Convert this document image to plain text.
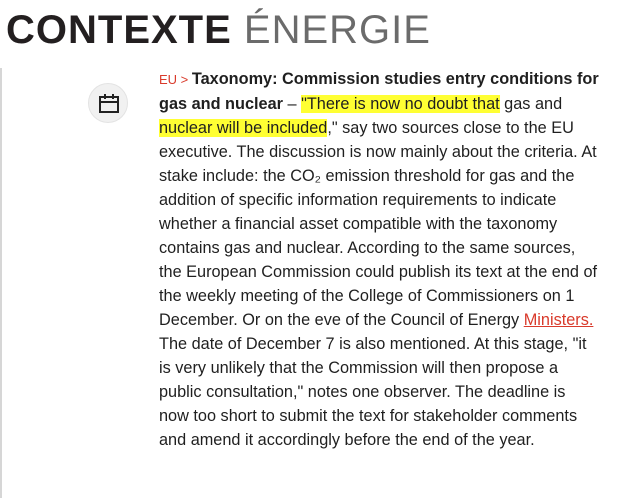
CONTEXTE ÉNERGIE

EU > Taxonomy: Commission studies entry conditions for gas and nuclear – "There is now no doubt that gas and nuclear will be included," say two sources close to the EU executive. The discussion is now mainly about the criteria. At stake include: the CO₂ emission threshold for gas and the addition of specific information requirements to indicate whether a financial asset compatible with the taxonomy contains gas and nuclear. According to the same sources, the European Commission could publish its text at the end of the weekly meeting of the College of Commissioners on 1 December. Or on the eve of the Council of Energy Ministers. The date of December 7 is also mentioned. At this stage, "it is very unlikely that the Commission will then propose a public consultation," notes one observer. The deadline is now too short to submit the text for stakeholder comments and amend it accordingly before the end of the year.
